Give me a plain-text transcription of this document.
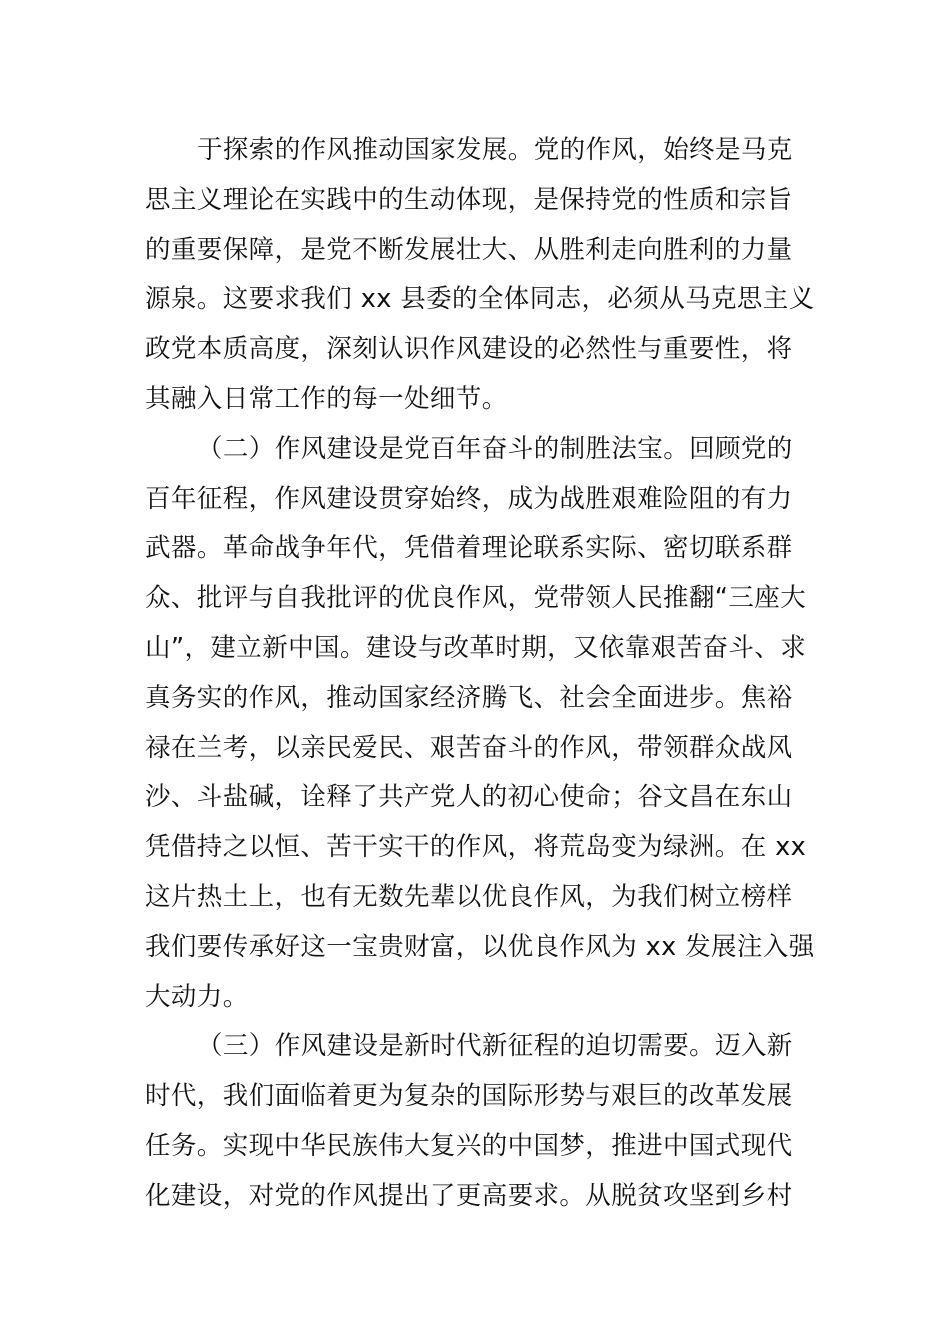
于探索的作风推动国家发展。党的作风，始终是马克
思主义理论在实践中的生动体现，是保持党的性质和宗旨
的重要保障，是党不断发展壮大、从胜利走向胜利的力量
源泉。这要求我们 xx 县委的全体同志，必须从马克思主义
政党本质高度，深刻认识作风建设的必然性与重要性，将
其融入日常工作的每一处细节。
（二）作风建设是党百年奋斗的制胜法宝。回顾党的
百年征程，作风建设贯穿始终，成为战胜艰难险阻的有力
武器。革命战争年代，凭借着理论联系实际、密切联系群
众、批评与自我批评的优良作风，党带领人民推翻“三座大
山”，建立新中国。建设与改革时期，又依靠艰苦奋斗、求
真务实的作风，推动国家经济腾飞、社会全面进步。焦裕
禄在兰考，以亲民爱民、艰苦奋斗的作风，带领群众战风
沙、斗盐碱，诠释了共产党人的初心使命；谷文昌在东山
凭借持之以恒、苦干实干的作风，将荒岛变为绿洲。在 xx
这片热土上，也有无数先辈以优良作风，为我们树立榜样
我们要传承好这一宝贵财富，以优良作风为 xx 发展注入强
大动力。
（三）作风建设是新时代新征程的迫切需要。迈入新
时代，我们面临着更为复杂的国际形势与艰巨的改革发展
任务。实现中华民族伟大复兴的中国梦，推进中国式现代
化建设，对党的作风提出了更高要求。从脱贫攻坚到乡村
